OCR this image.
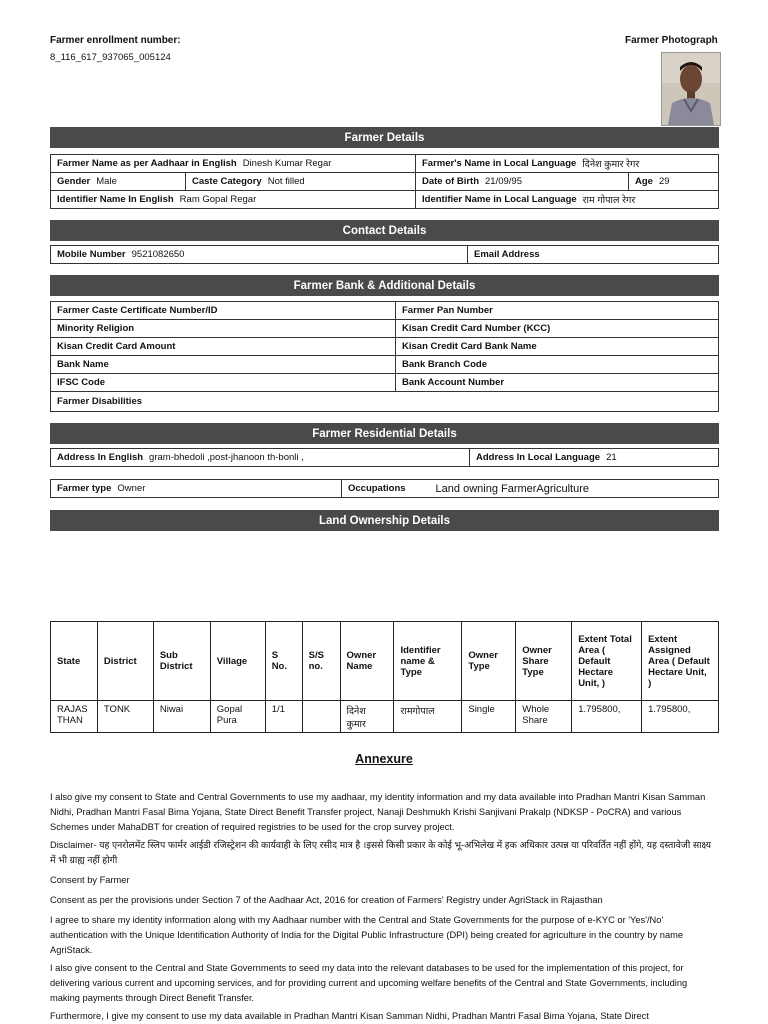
Farmer enrollment number:
8_116_617_937065_005124
Farmer Photograph
Farmer Details
Farmer Name as per Aadhaar in English Dinesh Kumar Regar	Farmer's Name in Local Language दिनेश कुमार रेगर
Gender Male	Caste Category Not filled	Date of Birth 21/09/95	Age 29
Identifier Name In English Ram Gopal Regar	Identifier Name in Local Language राम गोपाल रेगर
Contact Details
Mobile Number 9521082650	Email Address
Farmer Bank & Additional Details
Farmer Caste Certificate Number/ID	Farmer Pan Number
Minority Religion	Kisan Credit Card Number (KCC)
Kisan Credit Card Amount	Kisan Credit Card Bank Name
Bank Name	Bank Branch Code
IFSC Code	Bank Account Number
Farmer Disabilities
Farmer Residential Details
Address In English gram-bhedoli ,post-jhanoon th-bonli ,	Address In Local Language 21
Farmer type Owner	Occupations	Land owning FarmerAgriculture
Land Ownership Details
State	District	Sub District	Village	S No.	S/S no.	Owner Name	Identifier name & Type	Owner Type	Owner Share Type	Extent Total Area ( Default Hectare Unit, )	Extent Assigned Area ( Default Hectare Unit, )
RAJASTHAN	TONK	Niwai	Gopal Pura	1/1		दिनेश कुमार	रामगोपाल	Single	Whole Share	1.795800,	1.795800,
Annexure
I also give my consent to State and Central Governments to use my aadhaar, my identity information and my data available into Pradhan Mantri Kisan Samman Nidhi, Pradhan Mantri Fasal Bima Yojana, State Direct Benefit Transfer project, Nanaji Deshmukh Krishi Sanjivani Prakalp (NDKSP - PoCRA) and various Schemes under MahaDBT for creation of required registries to be used for the crop survey project.
Disclaimer- यह एनरोलमेंट स्लिप फार्मर आईडी रजिस्ट्रेशन की कार्यवाही के लिए रसीद मात्र है ।इससे किसी प्रकार के कोई भू-अभिलेख में हक अधिकार उत्पन्न या परिवर्तित नहीं होंगे, यह दस्तावेजी साक्ष्य में भी ग्राह्य नहीं होगी
Consent by Farmer
Consent as per the provisions under Section 7 of the Aadhaar Act, 2016 for creation of Farmers' Registry under AgriStack in Rajasthan
I agree to share my identity information along with my Aadhaar number with the Central and State Governments for the purpose of e-KYC or 'Yes'/No' authentication with the Unique Identification Authority of India for the Digital Public Infrastructure (DPI) being created for agriculture in the country by name AgriStack.
I also give consent to the Central and State Governments to seed my data into the relevant databases to be used for the implementation of this project, for delivering various current and upcoming services, and for providing current and upcoming welfare benefits of the Central and State Governments, including making payments through Direct Benefit Transfer.
Furthermore, I give my consent to use my data available in Pradhan Mantri Kisan Samman Nidhi, Pradhan Mantri Fasal Bima Yojana, State Direct
